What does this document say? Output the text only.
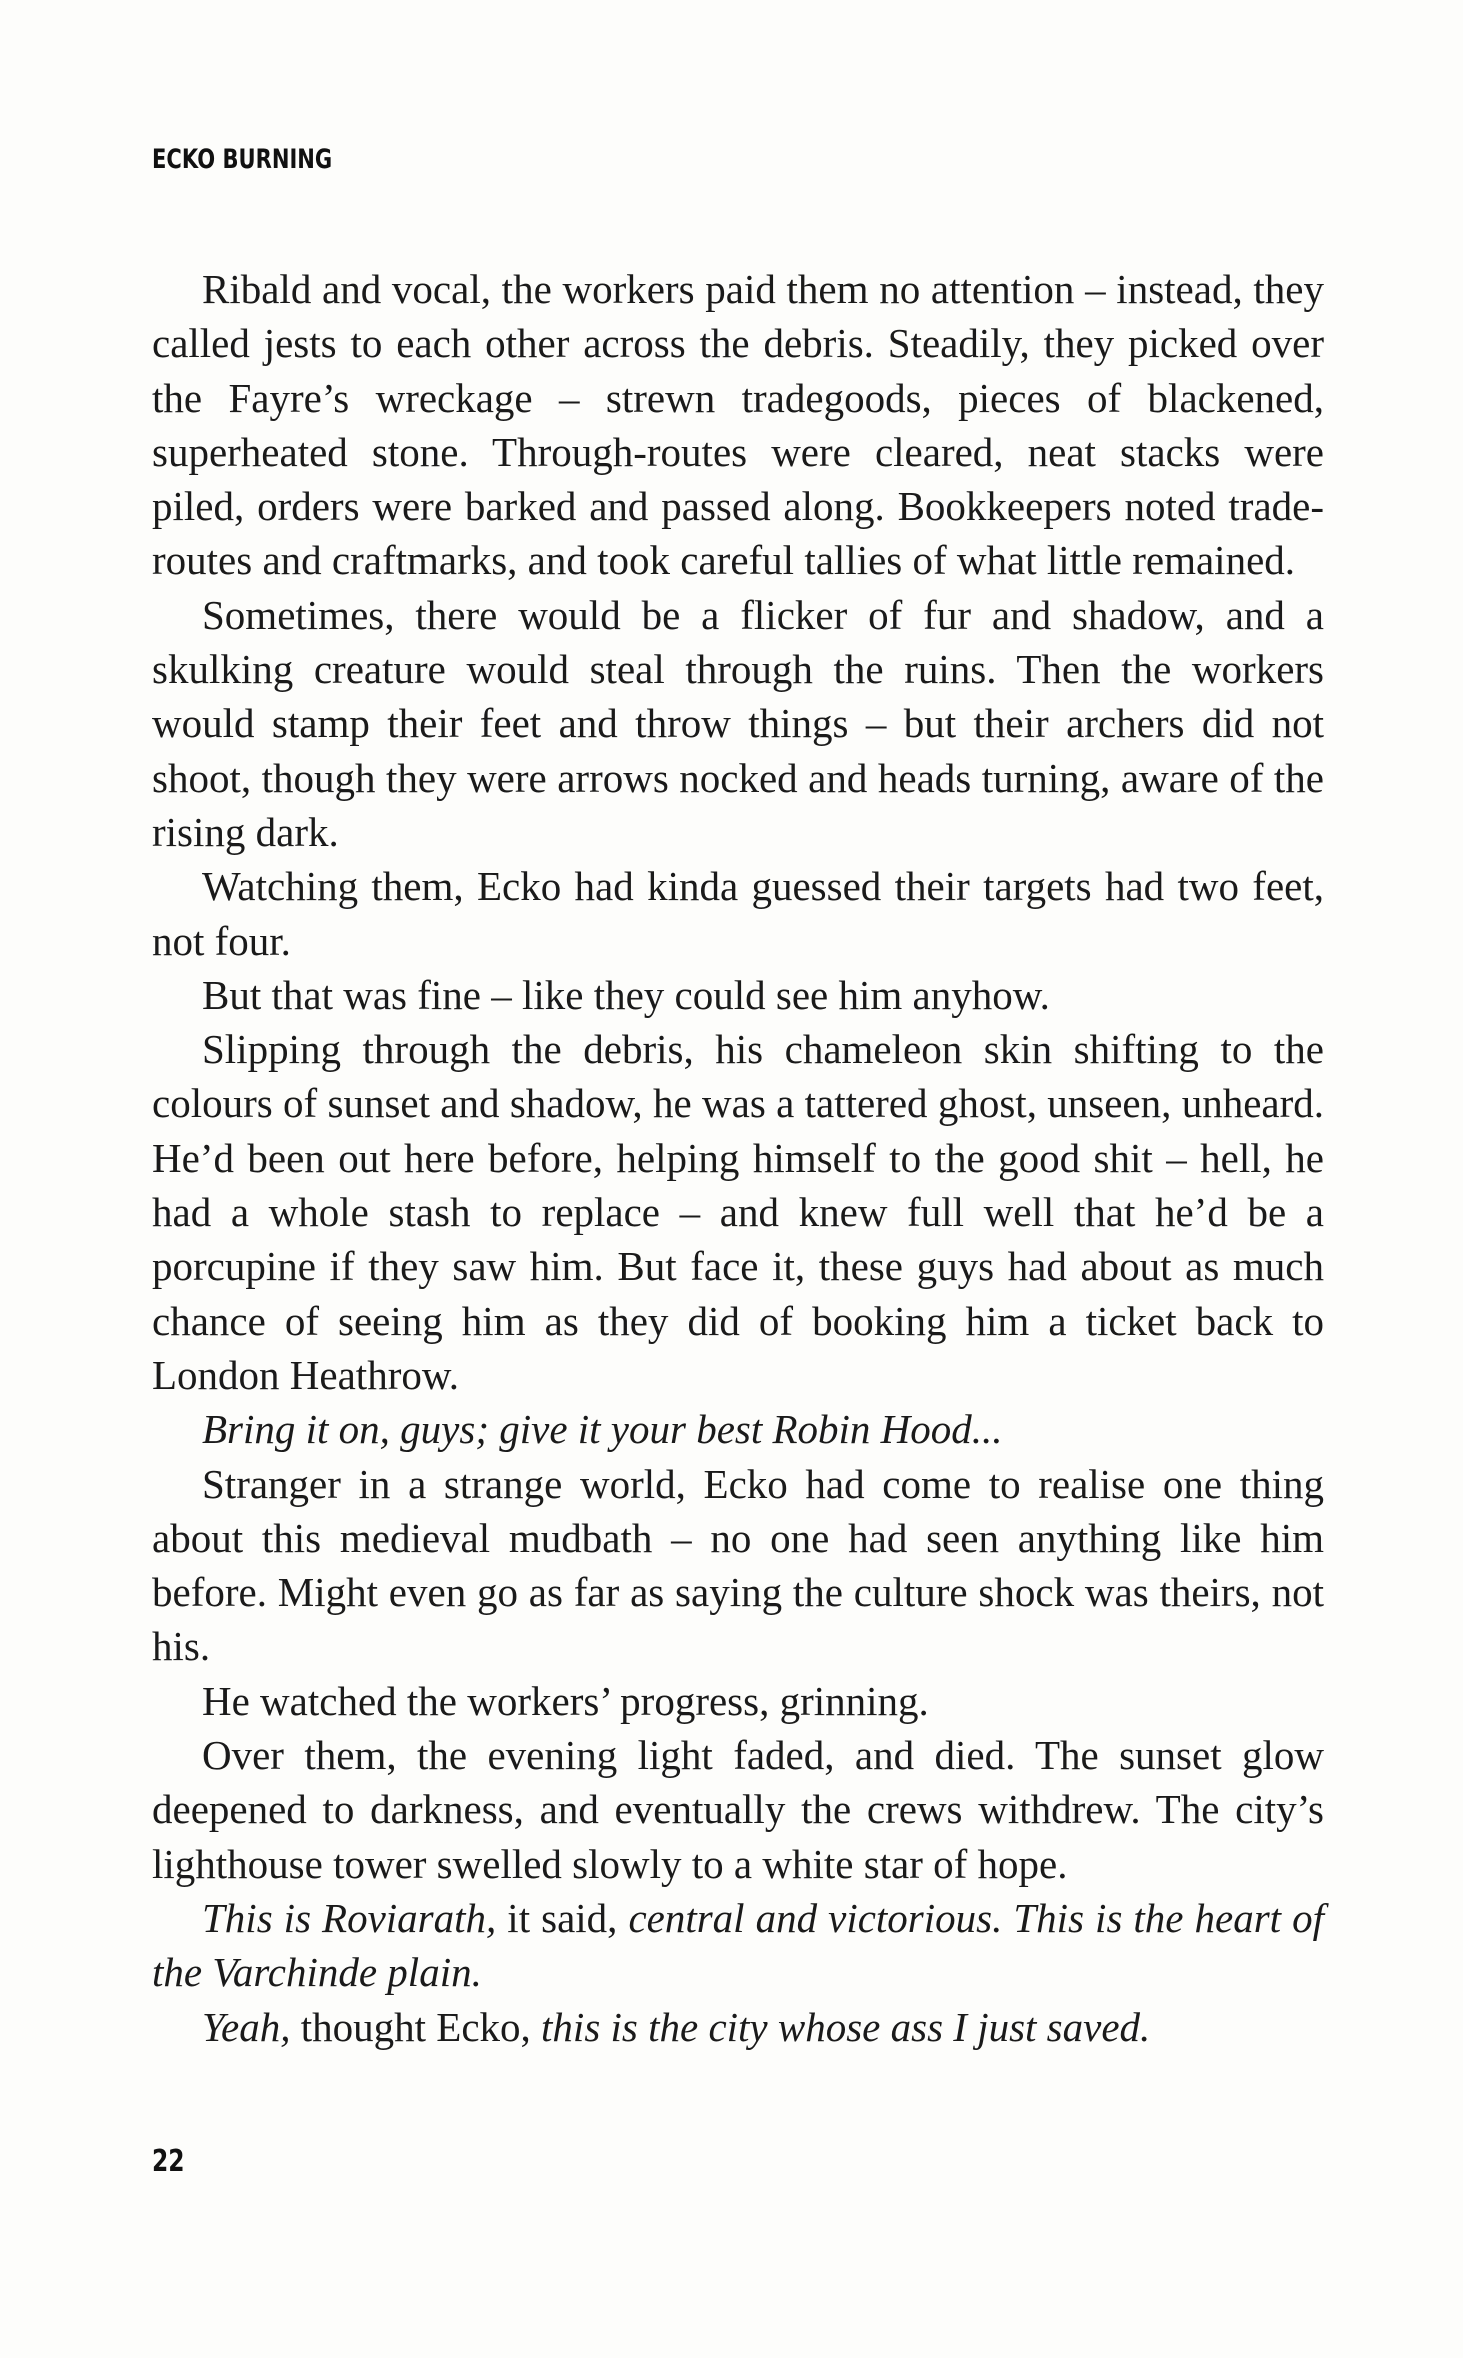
ECKO BURNING

Ribald and vocal, the workers paid them no attention – instead, they called jests to each other across the debris. Steadily, they picked over the Fayre’s wreckage – strewn tradegoods, pieces of blackened, superheated stone. Through-routes were cleared, neat stacks were piled, orders were barked and passed along. Bookkeepers noted trade-routes and craftmarks, and took careful tallies of what little remained.

Sometimes, there would be a flicker of fur and shadow, and a skulking creature would steal through the ruins. Then the workers would stamp their feet and throw things – but their archers did not shoot, though they were arrows nocked and heads turning, aware of the rising dark.

Watching them, Ecko had kinda guessed their targets had two feet, not four.

But that was fine – like they could see him anyhow.

Slipping through the debris, his chameleon skin shifting to the colours of sunset and shadow, he was a tattered ghost, unseen, unheard. He’d been out here before, helping himself to the good shit – hell, he had a whole stash to replace – and knew full well that he’d be a porcupine if they saw him. But face it, these guys had about as much chance of seeing him as they did of booking him a ticket back to London Heathrow.

Bring it on, guys; give it your best Robin Hood...

Stranger in a strange world, Ecko had come to realise one thing about this medieval mudbath – no one had seen anything like him before. Might even go as far as saying the culture shock was theirs, not his.

He watched the workers’ progress, grinning.

Over them, the evening light faded, and died. The sunset glow deepened to darkness, and eventually the crews withdrew. The city’s lighthouse tower swelled slowly to a white star of hope.

This is Roviarath, it said, central and victorious. This is the heart of the Varchinde plain.

Yeah, thought Ecko, this is the city whose ass I just saved.

22
